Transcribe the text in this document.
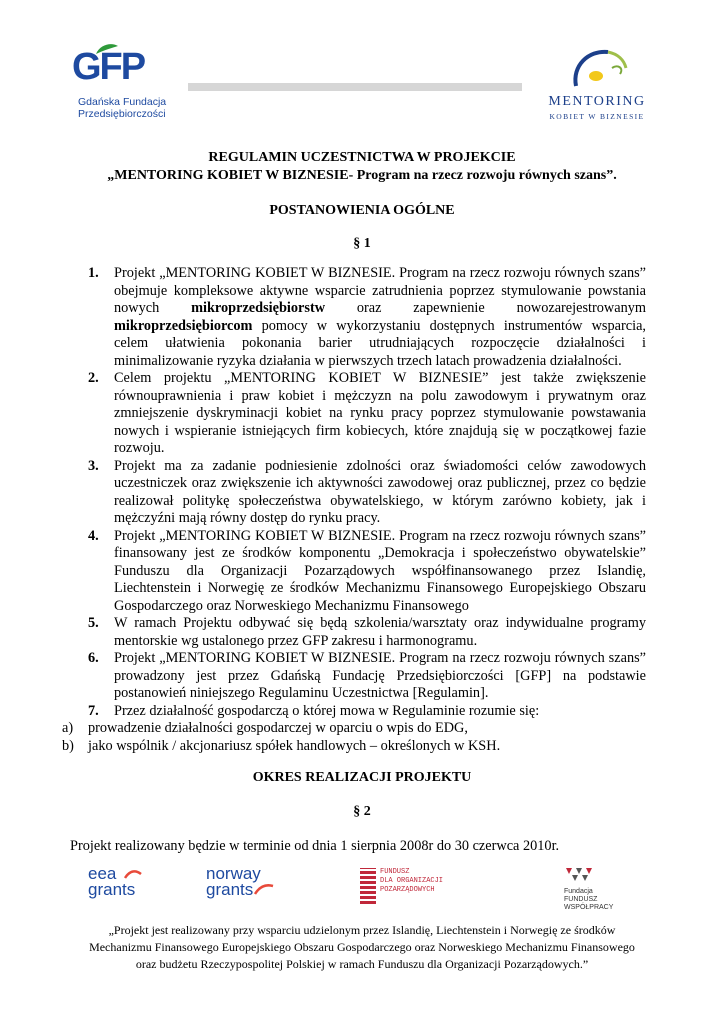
GFP
Gdańska Fundacja
Przedsiębiorczości
MENTORING
KOBIET W BIZNESIE
REGULAMIN UCZESTNICTWA W PROJEKCIE
„MENTORING KOBIET W BIZNESIE- Program na rzecz rozwoju równych szans”.
POSTANOWIENIA OGÓLNE
§ 1
1. Projekt „MENTORING KOBIET W BIZNESIE. Program na rzecz rozwoju równych szans” obejmuje kompleksowe aktywne wsparcie zatrudnienia poprzez stymulowanie powstania nowych mikroprzedsiębiorstw oraz zapewnienie nowozarejestrowanym mikroprzedsiębiorcom pomocy w wykorzystaniu dostępnych instrumentów wsparcia, celem ułatwienia pokonania barier utrudniających rozpoczęcie działalności i minimalizowanie ryzyka działania w pierwszych trzech latach prowadzenia działalności.
2. Celem projektu „MENTORING KOBIET W BIZNESIE” jest także zwiększenie równouprawnienia i praw kobiet i mężczyzn na polu zawodowym i prywatnym oraz zmniejszenie dyskryminacji kobiet na rynku pracy poprzez stymulowanie powstawania nowych i wspieranie istniejących firm kobiecych, które znajdują się w początkowej fazie rozwoju.
3. Projekt ma za zadanie podniesienie zdolności oraz świadomości celów zawodowych uczestniczek oraz zwiększenie ich aktywności zawodowej oraz publicznej, przez co będzie realizował politykę społeczeństwa obywatelskiego, w którym zarówno kobiety, jak i mężczyźni mają równy dostęp do rynku pracy.
4. Projekt „MENTORING KOBIET W BIZNESIE. Program na rzecz rozwoju równych szans” finansowany jest ze środków komponentu „Demokracja i społeczeństwo obywatelskie” Funduszu dla Organizacji Pozarządowych współfinansowanego przez Islandię, Liechtenstein i Norwegię ze środków Mechanizmu Finansowego Europejskiego Obszaru Gospodarczego oraz Norweskiego Mechanizmu Finansowego
5. W ramach Projektu odbywać się będą szkolenia/warsztaty oraz indywidualne programy mentorskie wg ustalonego przez GFP zakresu i harmonogramu.
6. Projekt „MENTORING KOBIET W BIZNESIE. Program na rzecz rozwoju równych szans” prowadzony jest przez Gdańską Fundację Przedsiębiorczości [GFP] na podstawie postanowień niniejszego Regulaminu Uczestnictwa [Regulamin].
7. Przez działalność gospodarczą o której mowa w Regulaminie rozumie się:
a) prowadzenie działalności gospodarczej w oparciu o wpis do EDG,
b) jako wspólnik / akcjonariusz spółek handlowych – określonych w KSH.
OKRES REALIZACJI PROJEKTU
§ 2
Projekt realizowany będzie w terminie od dnia 1 sierpnia 2008r do 30 czerwca 2010r.
eea
grants
norway
grants
FUNDUSZ
DLA ORGANIZACJI
POZARZĄDOWYCH	Fundacja
FUNDUSZ WSPÓŁPRACY
„Projekt jest realizowany przy wsparciu udzielonym przez Islandię, Liechtenstein i Norwegię ze środków
Mechanizmu Finansowego Europejskiego Obszaru Gospodarczego oraz Norweskiego Mechanizmu Finansowego
oraz budżetu Rzeczypospolitej Polskiej w ramach Funduszu dla Organizacji Pozarządowych.”
